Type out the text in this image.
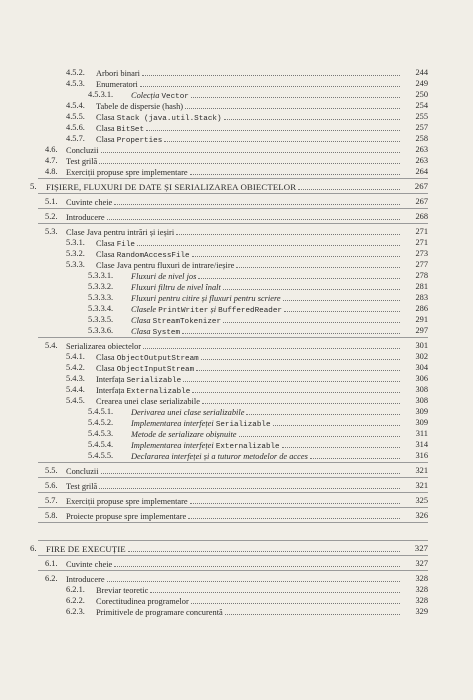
4.5.2. Arbori binari	244
4.5.3. Enumeratori	249
4.5.3.1. Colecția Vector	250
4.5.4. Tabele de dispersie (hash)	254
4.5.5. Clasa Stack (java.util.Stack)	255
4.5.6. Clasa BitSet	257
4.5.7. Clasa Properties	258
4.6. Concluzii	263
4.7. Test grilă	263
4.8. Exerciții propuse spre implementare	264
5. FIȘIERE, FLUXURI DE DATE ȘI SERIALIZAREA OBIECTELOR	267
5.1. Cuvinte cheie	267
5.2. Introducere	268
5.3. Clase Java pentru intrări și ieșiri	271
5.3.1. Clasa File	271
5.3.2. Clasa RandomAccessFile	273
5.3.3. Clase Java pentru fluxuri de intrare/ieșire	277
5.3.3.1. Fluxuri de nivel jos	278
5.3.3.2. Fluxuri filtru de nivel înalt	281
5.3.3.3. Fluxuri pentru citire și fluxuri pentru scriere	283
5.3.3.4. Clasele PrintWriter și BufferedReader	286
5.3.3.5. Clasa StreamTokenizer	291
5.3.3.6. Clasa System	297
5.4. Serializarea obiectelor	301
5.4.1. Clasa ObjectOutputStream	302
5.4.2. Clasa ObjectInputStream	304
5.4.3. Interfața Serializable	306
5.4.4. Interfața Externalizable	308
5.4.5. Crearea unei clase serializabile	308
5.4.5.1. Derivarea unei clase serializabile	309
5.4.5.2. Implementarea interfeței Serializable	309
5.4.5.3. Metode de serializare obișnuite	311
5.4.5.4. Implementarea interfeței Externalizable	314
5.4.5.5. Declararea interfeței și a tuturor metodelor de acces	316
5.5. Concluzii	321
5.6. Test grilă	321
5.7. Exerciții propuse spre implementare	325
5.8. Proiecte propuse spre implementare	326
6. FIRE DE EXECUȚIE	327
6.1. Cuvinte cheie	327
6.2. Introducere	328
6.2.1. Breviar teoretic	328
6.2.2. Corectitudinea programelor	328
6.2.3. Primitivele de programare concurentă	329
